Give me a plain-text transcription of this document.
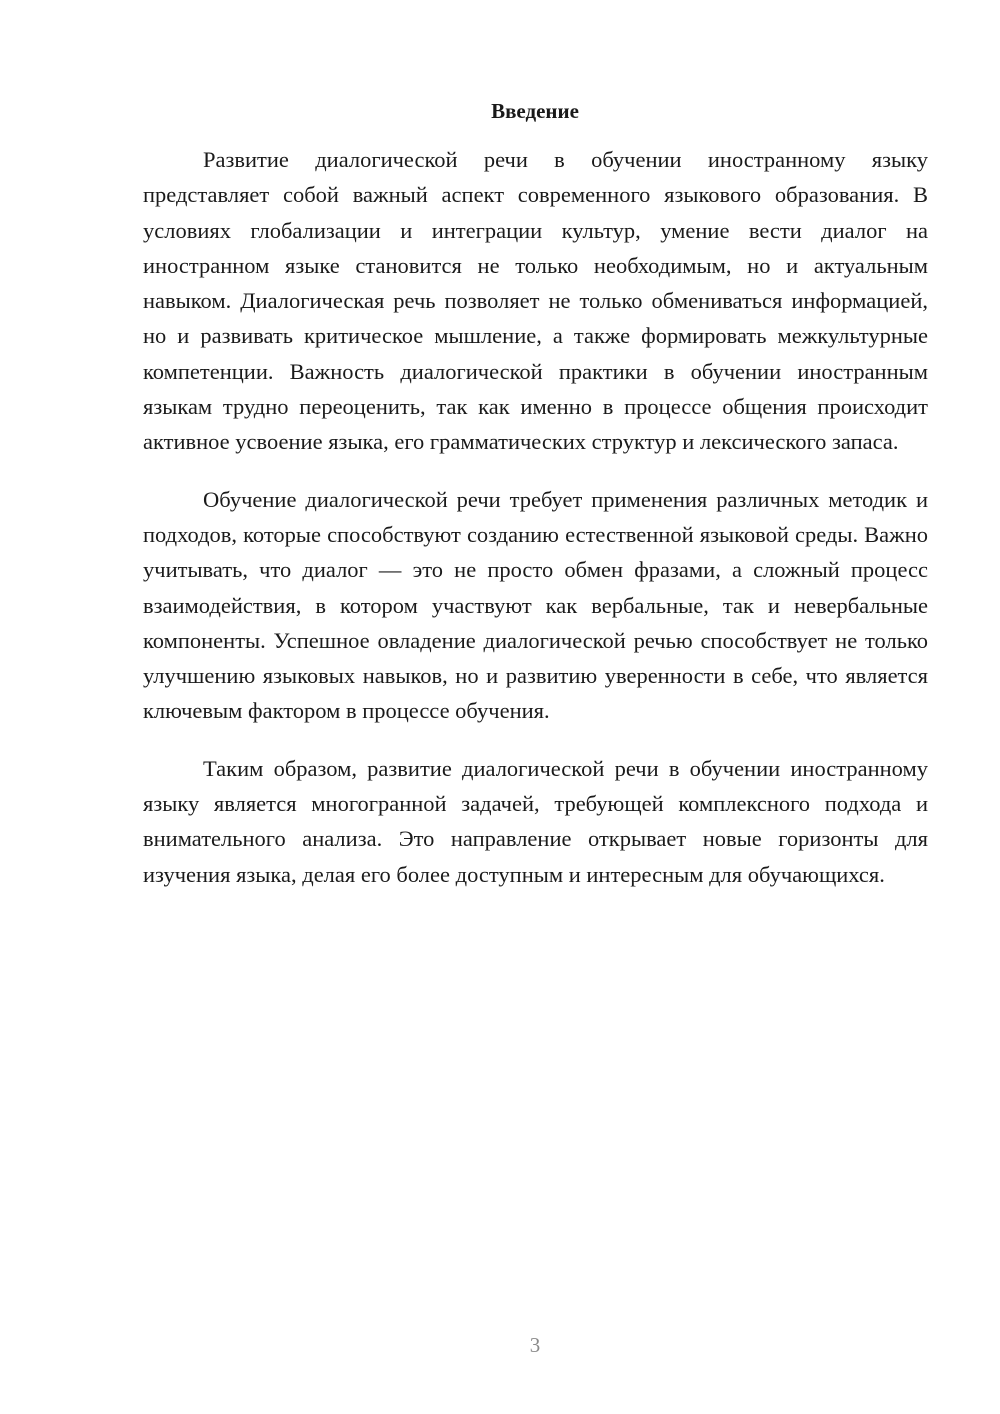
Введение

Развитие диалогической речи в обучении иностранному языку представляет собой важный аспект современного языкового образования. В условиях глобализации и интеграции культур, умение вести диалог на иностранном языке становится не только необходимым, но и актуальным навыком. Диалогическая речь позволяет не только обмениваться информацией, но и развивать критическое мышление, а также формировать межкультурные компетенции. Важность диалогической практики в обучении иностранным языкам трудно переоценить, так как именно в процессе общения происходит активное усвоение языка, его грамматических структур и лексического запаса.

Обучение диалогической речи требует применения различных методик и подходов, которые способствуют созданию естественной языковой среды. Важно учитывать, что диалог — это не просто обмен фразами, а сложный процесс взаимодействия, в котором участвуют как вербальные, так и невербальные компоненты. Успешное овладение диалогической речью способствует не только улучшению языковых навыков, но и развитию уверенности в себе, что является ключевым фактором в процессе обучения.

Таким образом, развитие диалогической речи в обучении иностранному языку является многогранной задачей, требующей комплексного подхода и внимательного анализа. Это направление открывает новые горизонты для изучения языка, делая его более доступным и интересным для обучающихся.

3
